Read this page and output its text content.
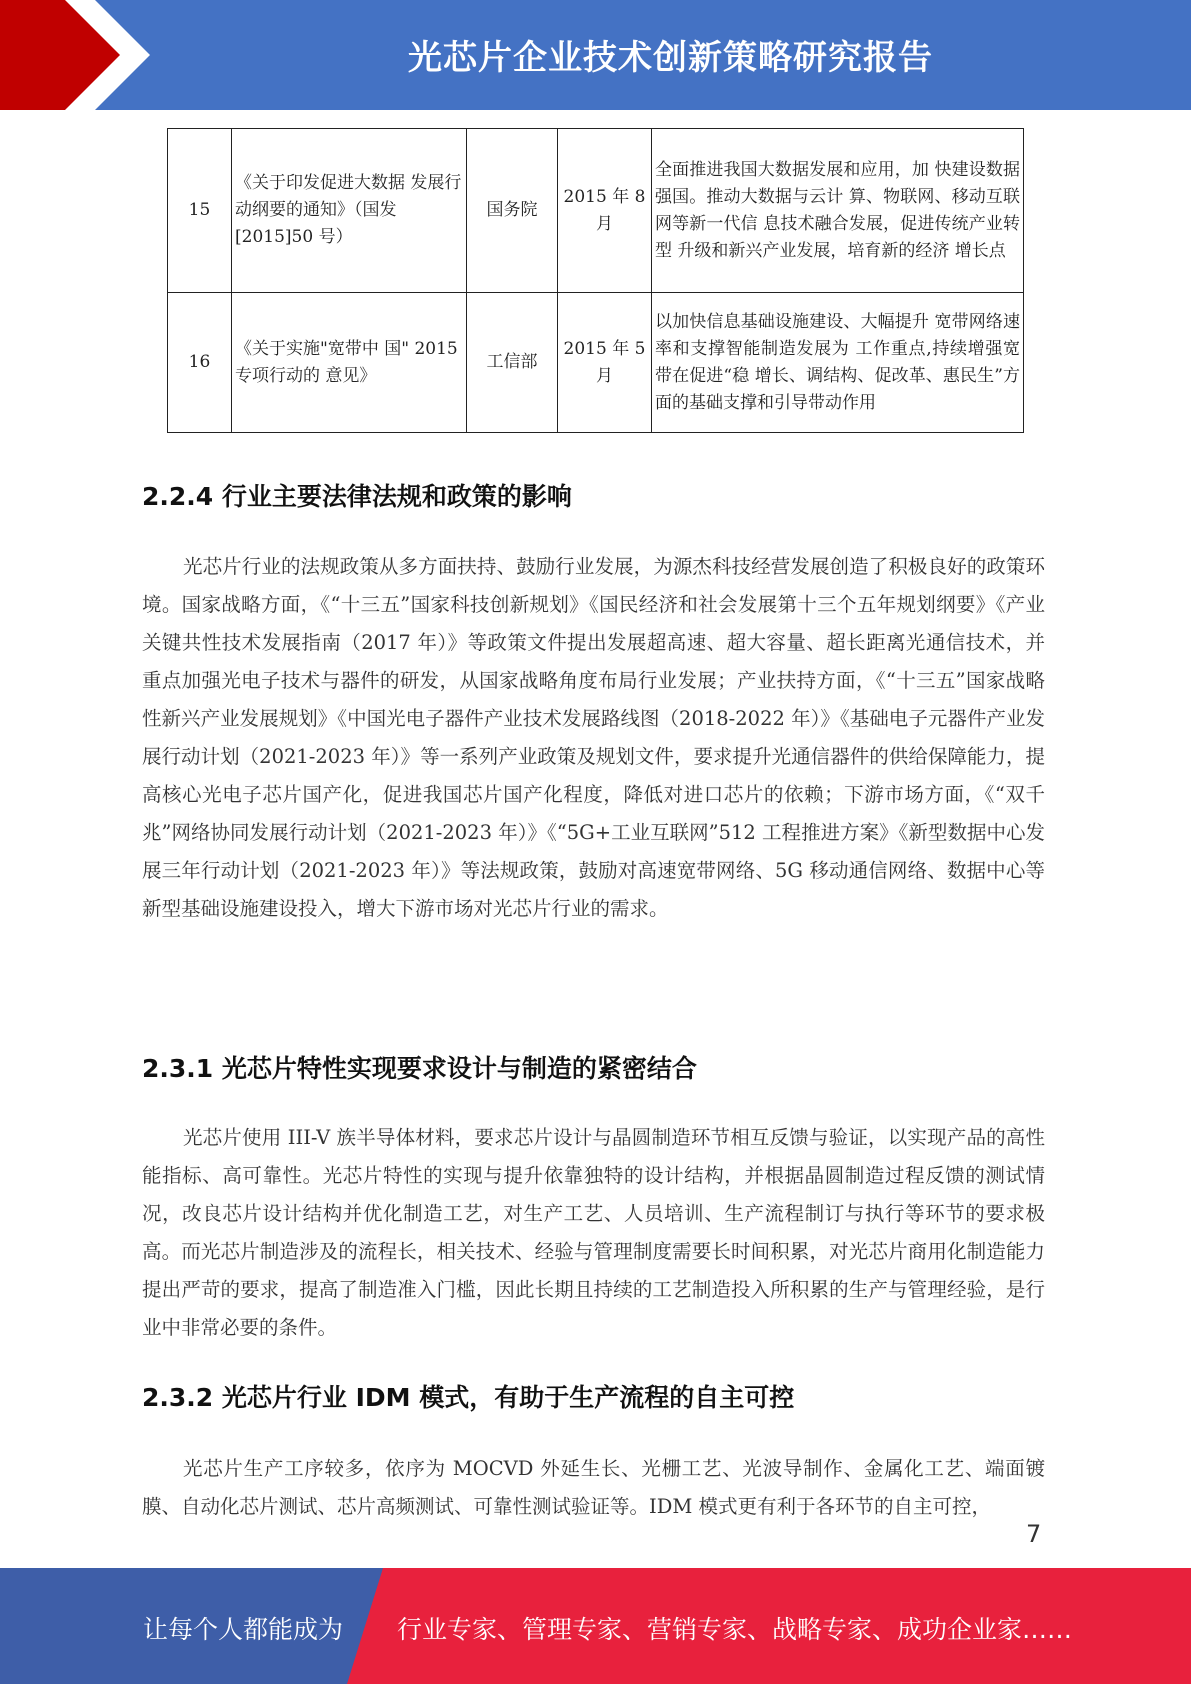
光芯片企业技术创新策略研究报告
15	《关于印发促进大数据 发展行动纲要的通知》（国发[2015]50 号）	国务院	2015 年 8 月	全面推进我国大数据发展和应用，加 快建设数据强国。推动大数据与云计 算、物联网、移动互联网等新一代信 息技术融合发展，促进传统产业转型 升级和新兴产业发展，培育新的经济 增长点
16	《关于实施"宽带中 国" 2015 专项行动的 意见》	工信部	2015 年 5 月	以加快信息基础设施建设、大幅提升 宽带网络速率和支撑智能制造发展为 工作重点,持续增强宽带在促进“稳 增长、调结构、促改革、惠民生”方 面的基础支撑和引导带动作用
2.2.4 行业主要法律法规和政策的影响

光芯片行业的法规政策从多方面扶持、鼓励行业发展，为源杰科技经营发展创造了积极良好的政策环境。国家战略方面，《“十三五”国家科技创新规划》《国民经济和社会发展第十三个五年规划纲要》《产业关键共性技术发展指南（2017 年）》等政策文件提出发展超高速、超大容量、超长距离光通信技术，并重点加强光电子技术与器件的研发，从国家战略角度布局行业发展；产业扶持方面，《“十三五”国家战略性新兴产业发展规划》《中国光电子器件产业技术发展路线图（2018-2022 年）》《基础电子元器件产业发展行动计划（2021-2023 年）》等一系列产业政策及规划文件，要求提升光通信器件的供给保障能力，提高核心光电子芯片国产化，促进我国芯片国产化程度，降低对进口芯片的依赖；下游市场方面，《“双千兆”网络协同发展行动计划（2021-2023 年）》《“5G+工业互联网”512 工程推进方案》《新型数据中心发展三年行动计划（2021-2023 年）》等法规政策，鼓励对高速宽带网络、5G 移动通信网络、数据中心等新型基础设施建设投入，增大下游市场对光芯片行业的需求。

2.3.1 光芯片特性实现要求设计与制造的紧密结合

光芯片使用 III-V 族半导体材料，要求芯片设计与晶圆制造环节相互反馈与验证，以实现产品的高性能指标、高可靠性。光芯片特性的实现与提升依靠独特的设计结构，并根据晶圆制造过程反馈的测试情况，改良芯片设计结构并优化制造工艺，对生产工艺、人员培训、生产流程制订与执行等环节的要求极高。而光芯片制造涉及的流程长，相关技术、经验与管理制度需要长时间积累，对光芯片商用化制造能力提出严苛的要求，提高了制造准入门槛，因此长期且持续的工艺制造投入所积累的生产与管理经验，是行业中非常必要的条件。

2.3.2 光芯片行业 IDM 模式，有助于生产流程的自主可控

光芯片生产工序较多，依序为 MOCVD 外延生长、光栅工艺、光波导制作、金属化工艺、端面镀膜、自动化芯片测试、芯片高频测试、可靠性测试验证等。IDM 模式更有利于各环节的自主可控，

7
让每个人都能成为 行业专家、管理专家、营销专家、战略专家、成功企业家……
